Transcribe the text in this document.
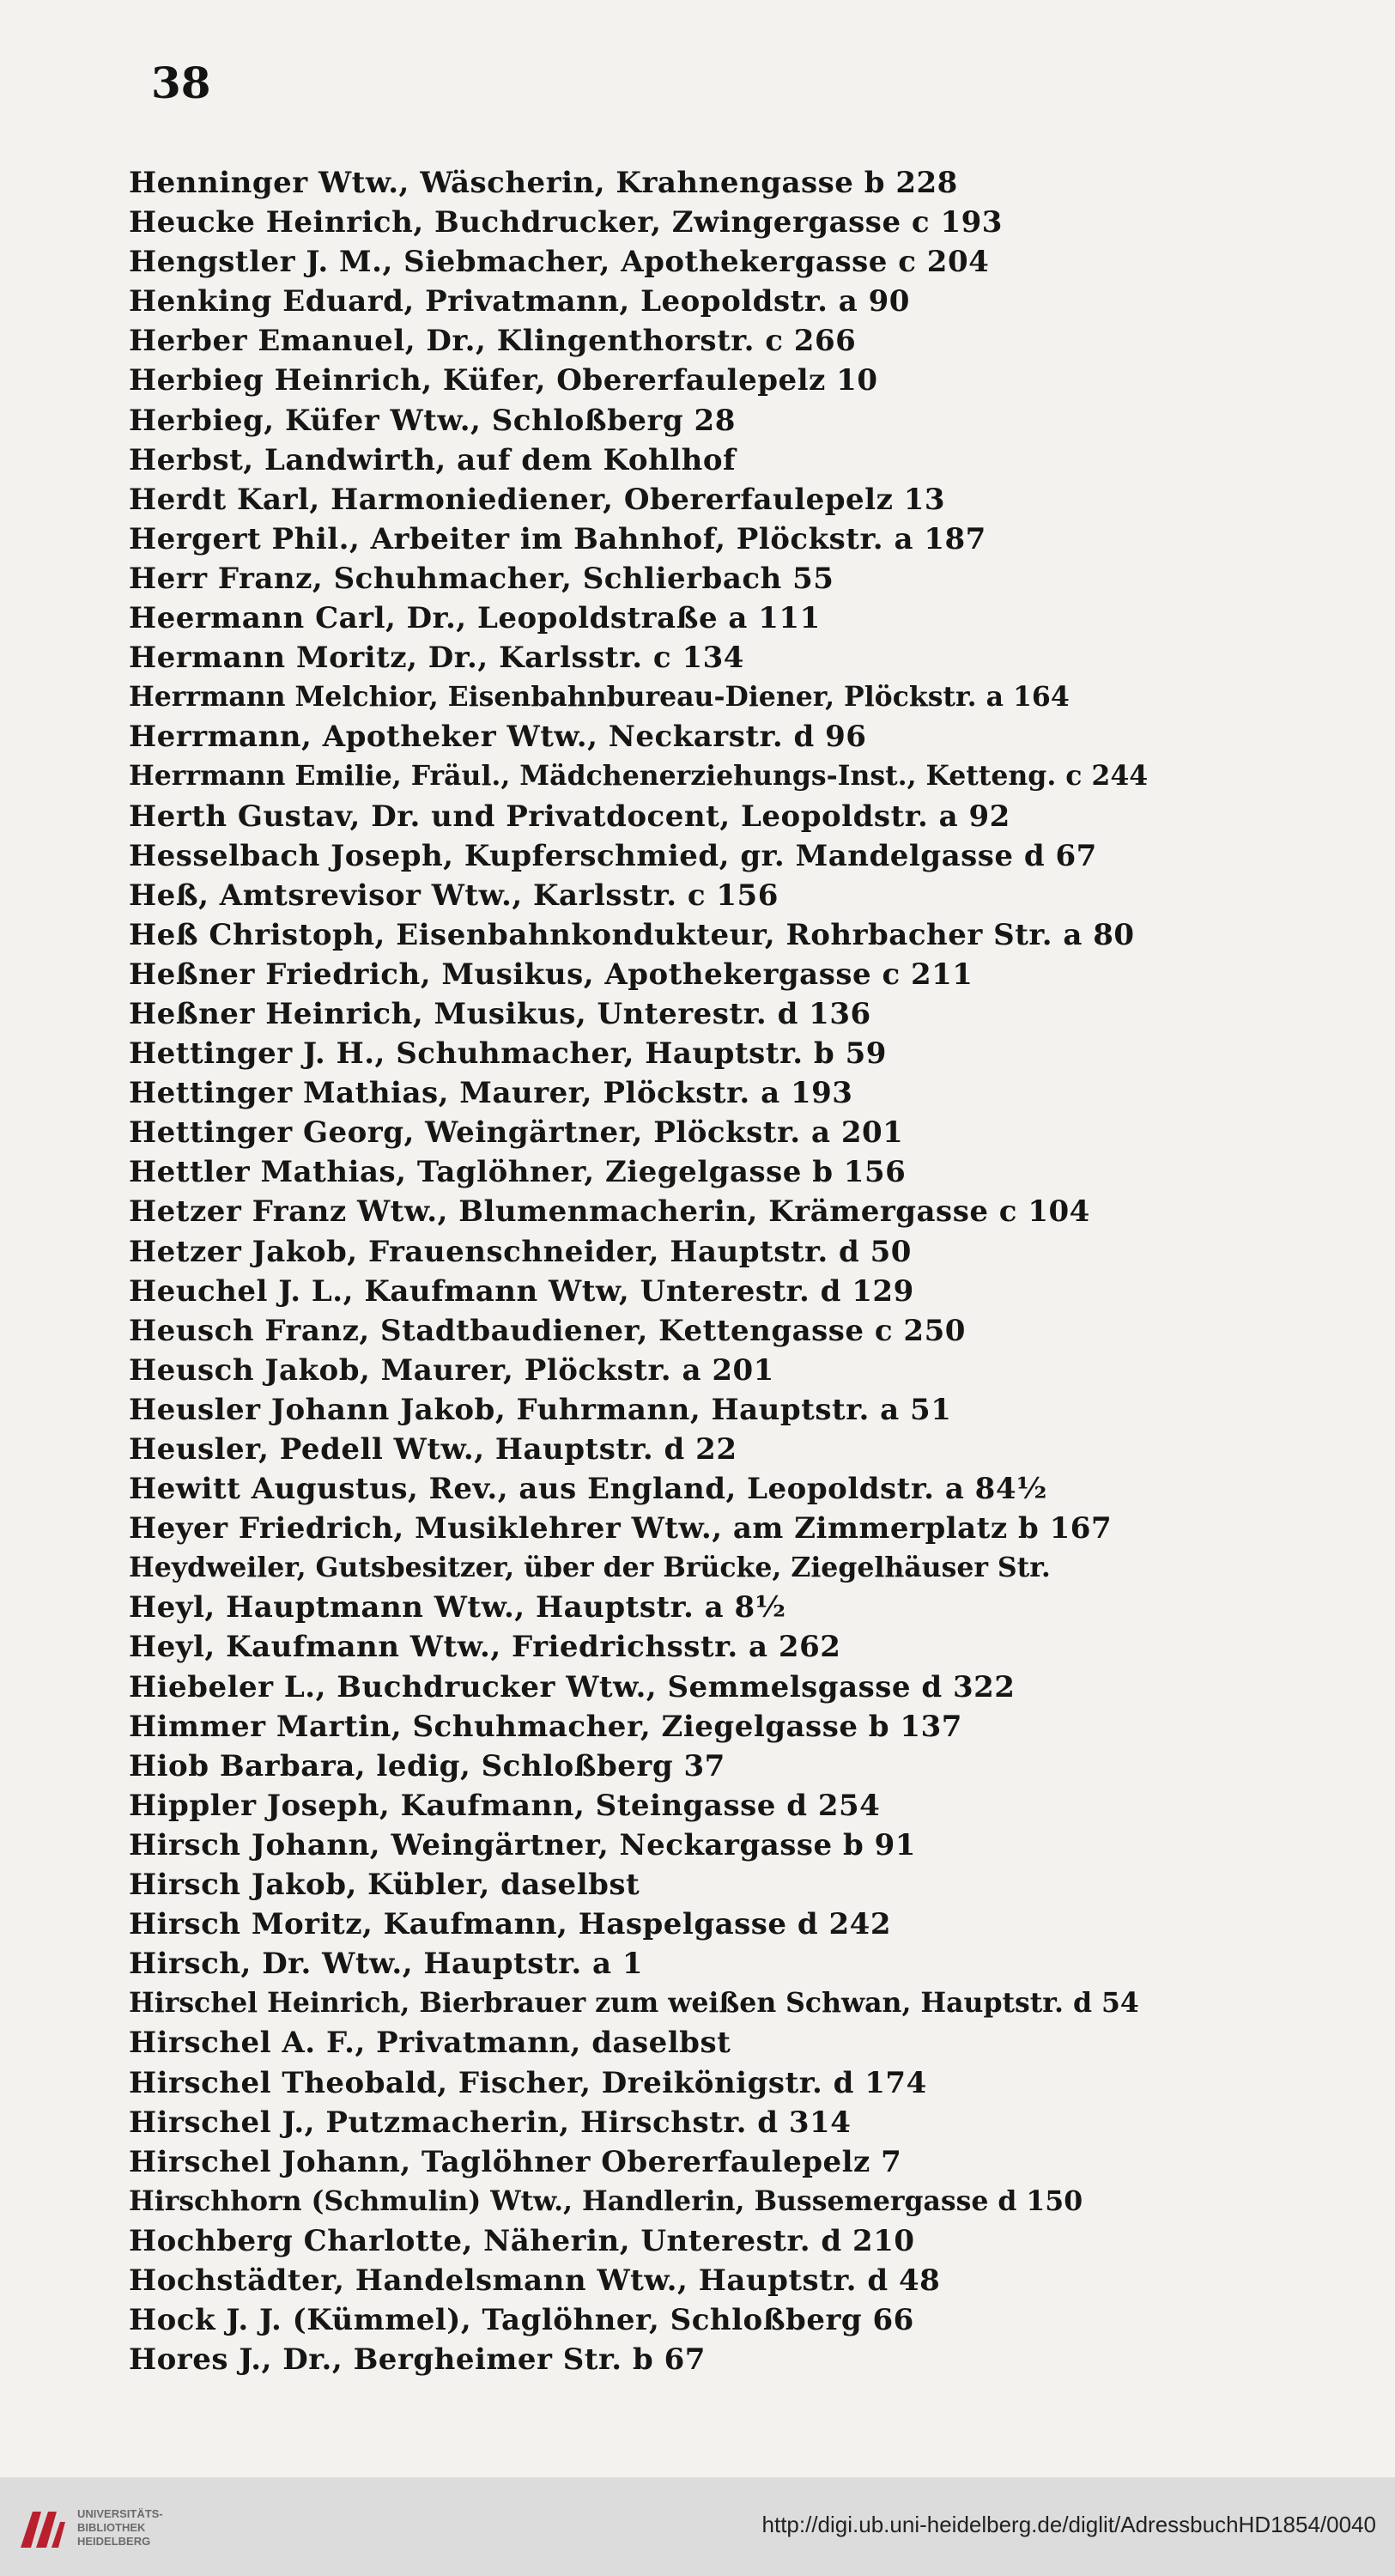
38
Henninger Wtw., Wäscherin, Krahnengasse b 228
Heucke Heinrich, Buchdrucker, Zwingergasse c 193
Hengstler J. M., Siebmacher, Apothekergasse c 204
Henking Eduard, Privatmann, Leopoldstr. a 90
Herber Emanuel, Dr., Klingenthorstr. c 266
Herbieg Heinrich, Küfer, Obererfaulepelz 10
Herbieg, Küfer Wtw., Schloßberg 28
Herbst, Landwirth, auf dem Kohlhof
Herdt Karl, Harmoniediener, Obererfaulepelz 13
Hergert Phil., Arbeiter im Bahnhof, Plöckstr. a 187
Herr Franz, Schuhmacher, Schlierbach 55
Heermann Carl, Dr., Leopoldstraße a 111
Hermann Moritz, Dr., Karlsstr. c 134
Herrmann Melchior, Eisenbahnbureau-Diener, Plöckstr. a 164
Herrmann, Apotheker Wtw., Neckarstr. d 96
Herrmann Emilie, Fräul., Mädchenerziehungs-Inst., Ketteng. c 244
Herth Gustav, Dr. und Privatdocent, Leopoldstr. a 92
Hesselbach Joseph, Kupferschmied, gr. Mandelgasse d 67
Heß, Amtsrevisor Wtw., Karlsstr. c 156
Heß Christoph, Eisenbahnkondukteur, Rohrbacher Str. a 80
Heßner Friedrich, Musikus, Apothekergasse c 211
Heßner Heinrich, Musikus, Unterestr. d 136
Hettinger J. H., Schuhmacher, Hauptstr. b 59
Hettinger Mathias, Maurer, Plöckstr. a 193
Hettinger Georg, Weingärtner, Plöckstr. a 201
Hettler Mathias, Taglöhner, Ziegelgasse b 156
Hetzer Franz Wtw., Blumenmacherin, Krämergasse c 104
Hetzer Jakob, Frauenschneider, Hauptstr. d 50
Heuchel J. L., Kaufmann Wtw, Unterestr. d 129
Heusch Franz, Stadtbaudiener, Kettengasse c 250
Heusch Jakob, Maurer, Plöckstr. a 201
Heusler Johann Jakob, Fuhrmann, Hauptstr. a 51
Heusler, Pedell Wtw., Hauptstr. d 22
Hewitt Augustus, Rev., aus England, Leopoldstr. a 84½
Heyer Friedrich, Musiklehrer Wtw., am Zimmerplatz b 167
Heydweiler, Gutsbesitzer, über der Brücke, Ziegelhäuser Str.
Heyl, Hauptmann Wtw., Hauptstr. a 8½
Heyl, Kaufmann Wtw., Friedrichsstr. a 262
Hiebeler L., Buchdrucker Wtw., Semmelsgasse d 322
Himmer Martin, Schuhmacher, Ziegelgasse b 137
Hiob Barbara, ledig, Schloßberg 37
Hippler Joseph, Kaufmann, Steingasse d 254
Hirsch Johann, Weingärtner, Neckargasse b 91
Hirsch Jakob, Kübler, daselbst
Hirsch Moritz, Kaufmann, Haspelgasse d 242
Hirsch, Dr. Wtw., Hauptstr. a 1
Hirschel Heinrich, Bierbrauer zum weißen Schwan, Hauptstr. d 54
Hirschel A. F., Privatmann, daselbst
Hirschel Theobald, Fischer, Dreikönigstr. d 174
Hirschel J., Putzmacherin, Hirschstr. d 314
Hirschel Johann, Taglöhner Obererfaulepelz 7
Hirschhorn (Schmulin) Wtw., Handlerin, Bussemergasse d 150
Hochberg Charlotte, Näherin, Unterestr. d 210
Hochstädter, Handelsmann Wtw., Hauptstr. d 48
Hock J. J. (Kümmel), Taglöhner, Schloßberg 66
Hores J., Dr., Bergheimer Str. b 67
UNIVERSITÄTS-
BIBLIOTHEK
HEIDELBERG
http://digi.ub.uni-heidelberg.de/diglit/AdressbuchHD1854/0040
